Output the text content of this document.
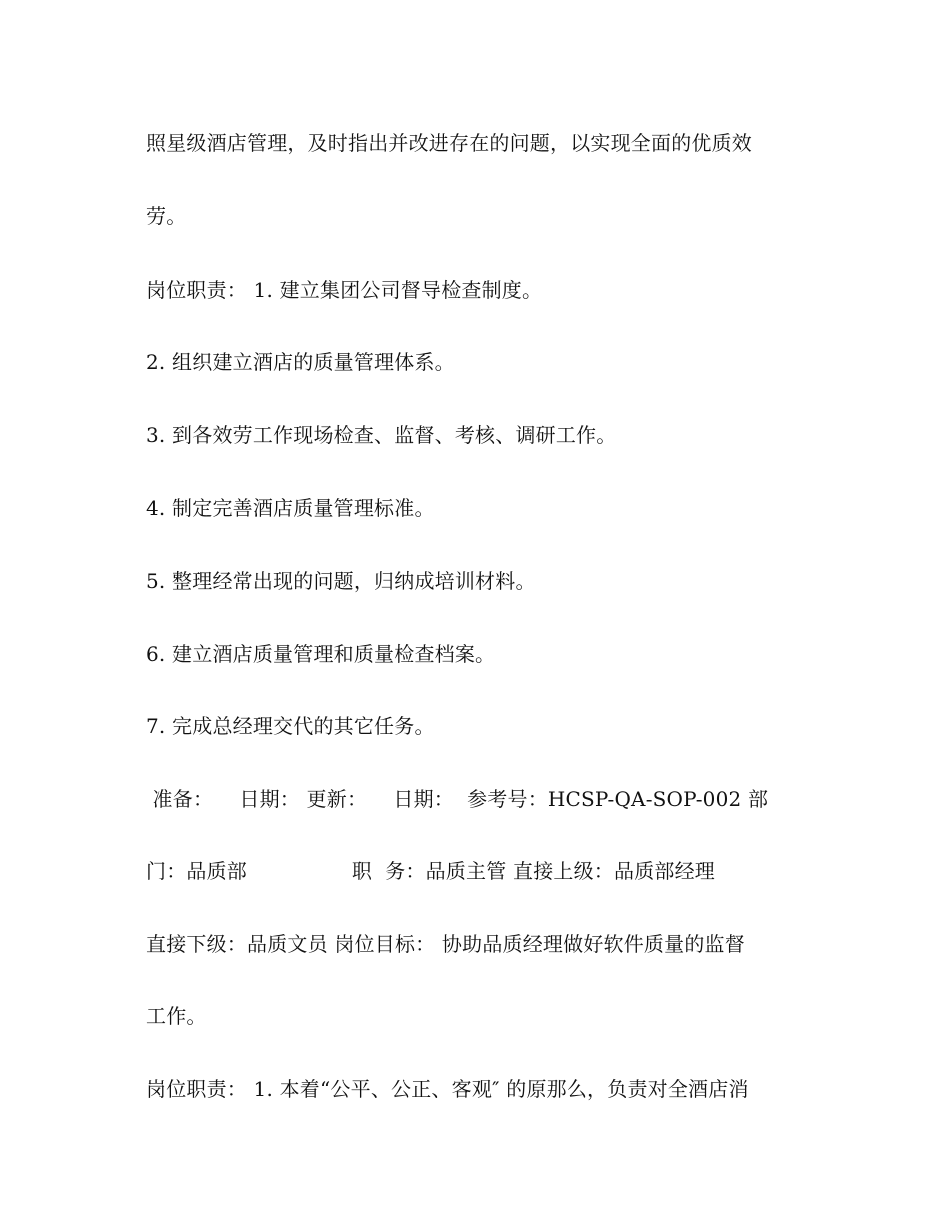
照星级酒店管理，及时指出并改进存在的问题，以实现全面的优质效
劳。
岗位职责： 1. 建立集团公司督导检查制度。
2. 组织建立酒店的质量管理体系。
3. 到各效劳工作现场检查、监督、考核、调研工作。
4. 制定完善酒店质量管理标准。
5. 整理经常出现的问题，归纳成培训材料。
6. 建立酒店质量管理和质量检查档案。
7. 完成总经理交代的其它任务。
准备：    日期： 更新：    日期：  参考号：HCSP-QA-SOP-002 部
门：品质部                职  务：品质主管 直接上级：品质部经理
直接下级：品质文员 岗位目标： 协助品质经理做好软件质量的监督
工作。
岗位职责： 1. 本着“公平、公正、客观″ 的原那么，负责对全酒店消
